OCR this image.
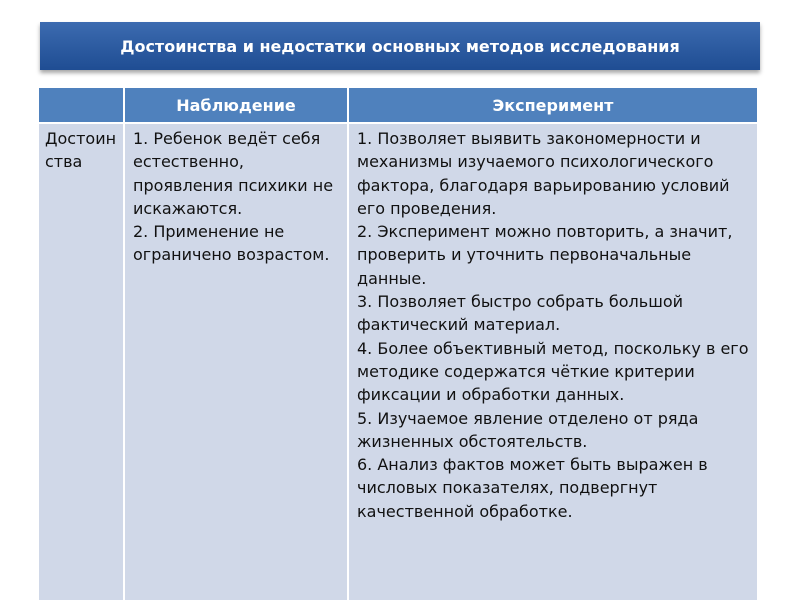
Достоинства и недостатки основных методов исследования
Наблюдение	Эксперимент
Достоинства
1. Ребенок ведёт себя естественно, проявления психики не искажаются.
2. Применение не ограничено возрастом.
1. Позволяет выявить закономерности и механизмы изучаемого психологического фактора, благодаря варьированию условий его проведения.
2. Эксперимент можно повторить, а значит, проверить и уточнить первоначальные данные.
3. Позволяет быстро собрать большой фактический материал.
4. Более объективный метод, поскольку в его методике содержатся чёткие критерии фиксации и обработки данных.
5. Изучаемое явление отделено от ряда жизненных обстоятельств.
6. Анализ фактов может быть выражен в числовых показателях, подвергнут качественной обработке.
